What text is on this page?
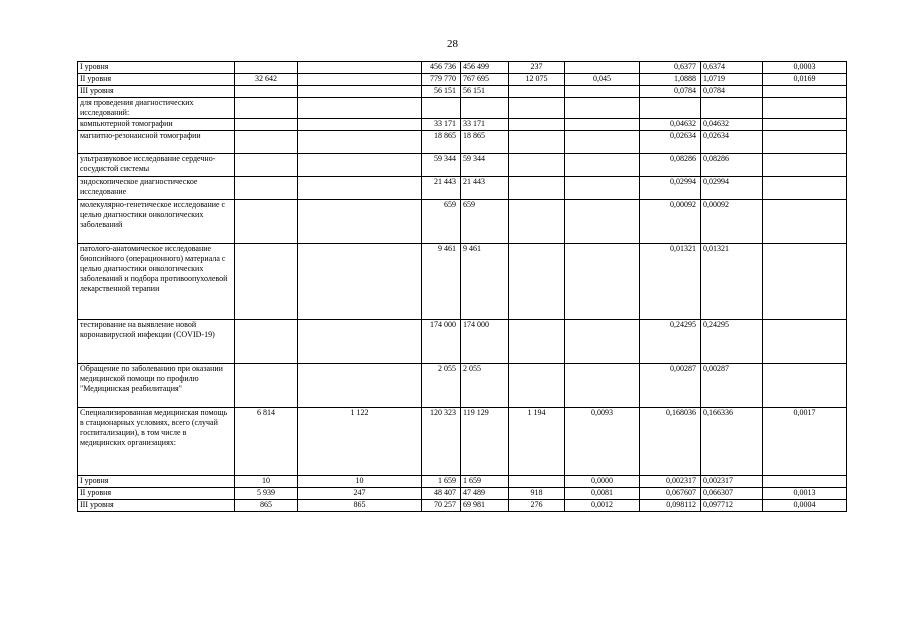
28
I уровня			456 736	456 499	237		0,6377	0,6374	0,0003
II уровня	32 642		779 770	767 695	12 075	0,045	1,0888	1,0719	0,0169
III уровня			56 151	56 151			0,0784	0,0784	
для проведения диагностических исследований:									
компьютерной томографии			33 171	33 171			0,04632	0,04632	
магнитно-резонансной томографии			18 865	18 865			0,02634	0,02634	
ультразвуковое исследование сердечно-сосудистой системы			59 344	59 344			0,08286	0,08286	
эндоскопическое диагностическое исследование			21 443	21 443			0,02994	0,02994	
молекулярно-генетическое исследование с целью диагностики онкологических заболеваний			659	659			0,00092	0,00092	
патолого-анатомическое исследование биопсийного (операционного) материала с целью диагностики онкологических заболеваний и подбора противоопухолевой лекарственной терапии			9 461	9 461			0,01321	0,01321	
тестирование на выявление новой коронавирусной инфекции (COVID-19)			174 000	174 000			0,24295	0,24295	
Обращение по заболеванию при оказании медицинской помощи по профилю "Медицинская реабилитация"			2 055	2 055			0,00287	0,00287	
Специализированная медицинская помощь в стационарных условиях, всего (случай госпитализации), в том числе в медицинских организациях:	6 814	1 122	120 323	119 129	1 194	0,0093	0,168036	0,166336	0,0017
I уровня	10	10	1 659	1 659		0,0000	0,002317	0,002317	
II уровня	5 939	247	48 407	47 489	918	0,0081	0,067607	0,066307	0,0013
III уровня	865	865	70 257	69 981	276	0,0012	0,098112	0,097712	0,0004
